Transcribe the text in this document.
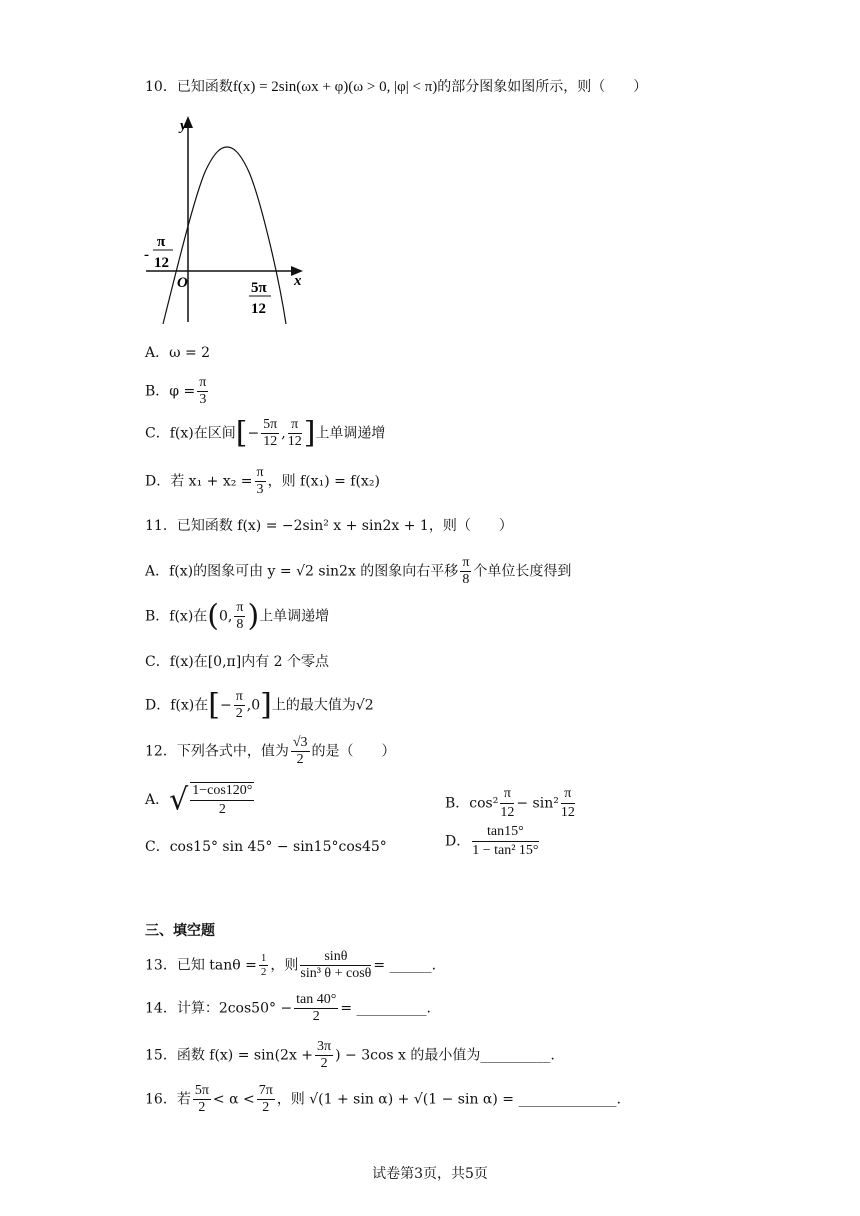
10．已知函数f(x) = 2sin(ωx + φ)(ω > 0, |φ| < π)的部分图象如图所示，则（　　）
y
x
O
-
π
12
5π
12
A．ω = 2
B．$\varphi = \frac{\pi}{3}$
C．f(x)在区间[− $\frac{5\pi}{12}$ , $\frac{\pi}{12}$ ]上单调递增
D．若 $x_1 + x_2 = \frac{\pi}{3}$ ，则 f(x₁) = f(x₂)
11．已知函数 f(x) = −2sin² x + sin2x + 1，则（　　）
A．f(x)的图象可由 y = √2 sin2x 的图象向右平移 $\frac{\pi}{8}$ 个单位长度得到
B．f(x)在(0, $\frac{\pi}{8}$ )上单调递增
C．f(x)在[0,π]内有 2 个零点
D．f(x)在[− $\frac{\pi}{2} ,0$]上的最大值为√2
12．下列各式中，值为 $\frac{√3}{2}$ 的是（　　）
A．√ $\frac{1-\cos 120^\circ}{2}$	B．$\cos^2 \frac{\pi}{12} - \sin^2 \frac{\pi}{12}$
C．cos15° sin 45° − sin15°cos45°	D． $\frac{\tan 15^\circ}{\text{1 − tan² 15°}}$
三、填空题
13．已知 $\tan\theta = \frac{1}{2}$ ，则 $\frac{\sin\theta}{\text{sin³ θ + cosθ}}$ = ______.
14．计算：$2\cos 50^\circ - \frac{\tan 40^\circ}{2}$ = __________.
15．函数 $f(x) = \sin(2x + \frac{3\pi}{2}$ ) − 3cos x 的最小值为__________.
16．若 $\frac{5\pi}{2} < \alpha < \frac{7\pi}{2}$ ，则 √(1 + sin α) + √(1 − sin α) = ______________.
试卷第3页，共5页
